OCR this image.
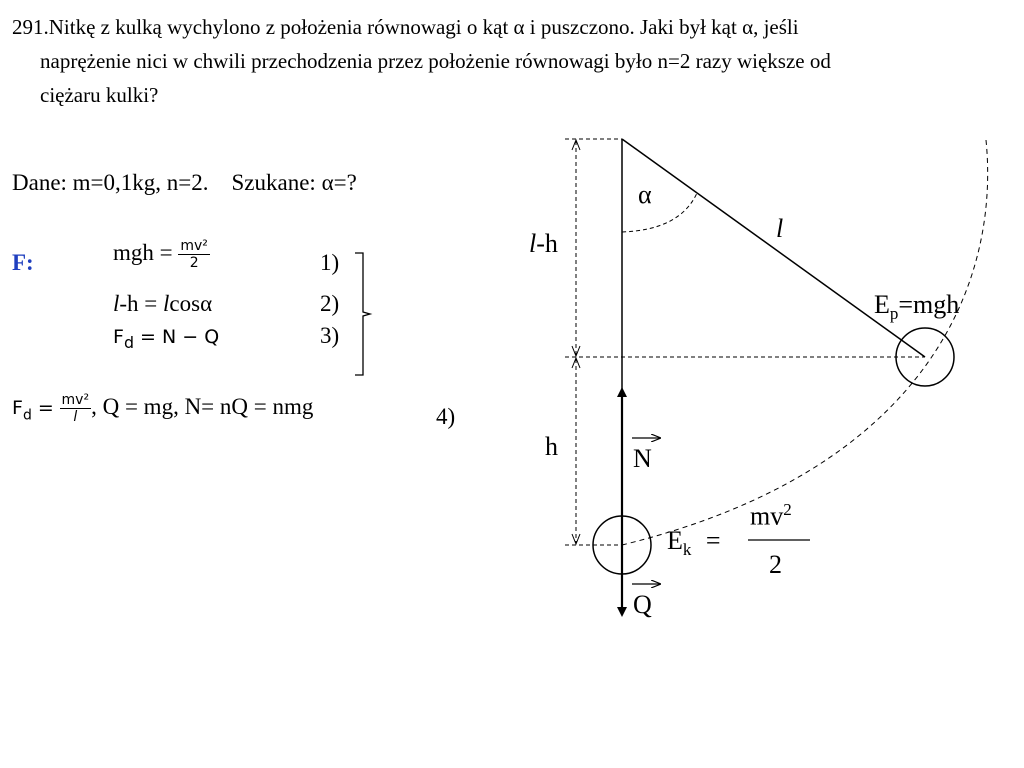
291.Nitkę z kulką wychylono z położenia równowagi o kąt α i puszczono. Jaki był kąt α, jeśli
naprężenie nici w chwili przechodzenia przez położenie równowagi było n=2 razy większe od
ciężaru kulki?
Dane: m=0,1kg, n=2. Szukane: α=?
F:	mgh = $\frac{\text{mv²}}{2}$	1)
l-h = lcosα	2)
$F_d = N - Q$	3)
$F_d = \frac{\text{mv²}}{l}$ , Q = mg, N= nQ = nmg	4)
α
l
l-h
h
$E_p=mgh$
N
Q
$E_k$ =
$mv^2$
2
